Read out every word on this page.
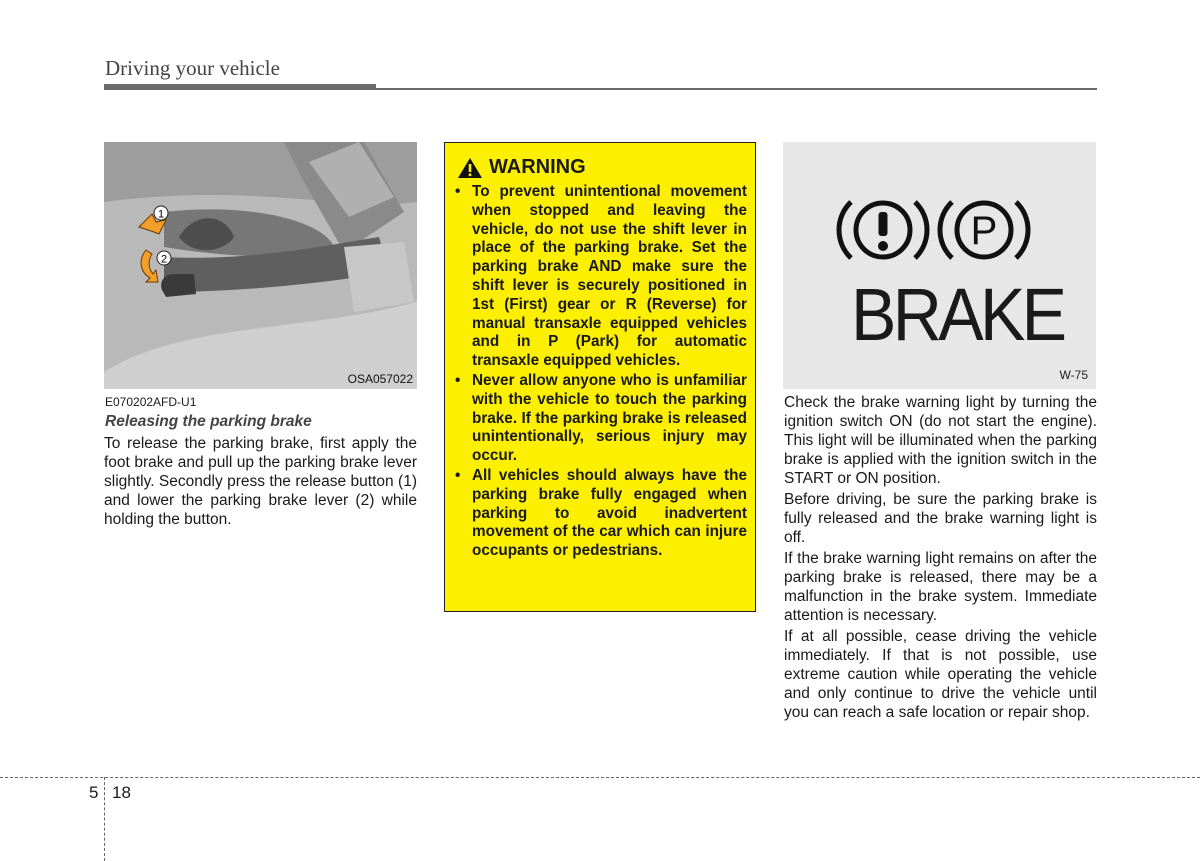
Driving your vehicle
1
2
OSA057022
E070202AFD-U1
Releasing the parking brake

To release the parking brake, first apply the foot brake and pull up the parking brake lever slightly. Secondly press the release button (1) and lower the parking brake lever (2) while holding the button.

WARNING
• To prevent unintentional movement when stopped and leaving the vehicle, do not use the shift lever in place of the parking brake. Set the parking brake AND make sure the shift lever is securely positioned in 1st (First) gear or R (Reverse) for manual transaxle equipped vehicles and in P (Park) for automatic transaxle equipped vehicles.
• Never allow anyone who is unfamiliar with the vehicle to touch the parking brake. If the parking brake is released unintentionally, serious injury may occur.
• All vehicles should always have the parking brake fully engaged when parking to avoid inadvertent movement of the car which can injure occupants or pedestrians.
P
BRAKE
W-75

Check the brake warning light by turning the ignition switch ON (do not start the engine). This light will be illuminated when the parking brake is applied with the ignition switch in the START or ON position.

Before driving, be sure the parking brake is fully released and the brake warning light is off.

If the brake warning light remains on after the parking brake is released, there may be a malfunction in the brake system. Immediate attention is necessary.

If at all possible, cease driving the vehicle immediately. If that is not possible, use extreme caution while operating the vehicle and only continue to drive the vehicle until you can reach a safe location or repair shop.

5 18
